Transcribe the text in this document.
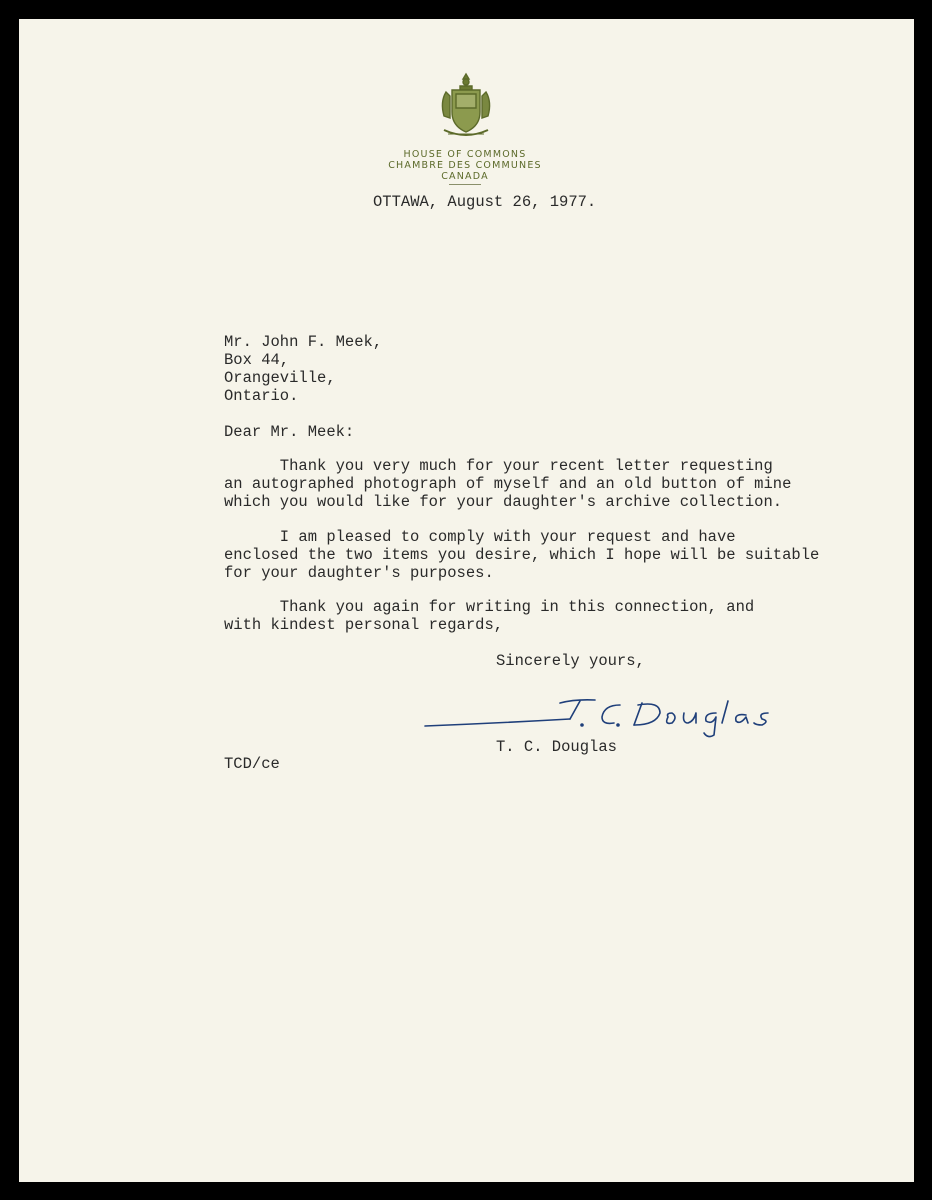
HOUSE OF COMMONS
CHAMBRE DES COMMUNES
CANADA
OTTAWA, August 26, 1977.
Mr. John F. Meek,
Box 44,
Orangeville,
Ontario.
Dear Mr. Meek:
Thank you very much for your recent letter requesting
an autographed photograph of myself and an old button of mine
which you would like for your daughter's archive collection.
I am pleased to comply with your request and have
enclosed the two items you desire, which I hope will be suitable
for your daughter's purposes.
Thank you again for writing in this connection, and
with kindest personal regards,
Sincerely yours,
T. C. Douglas
TCD/ce
